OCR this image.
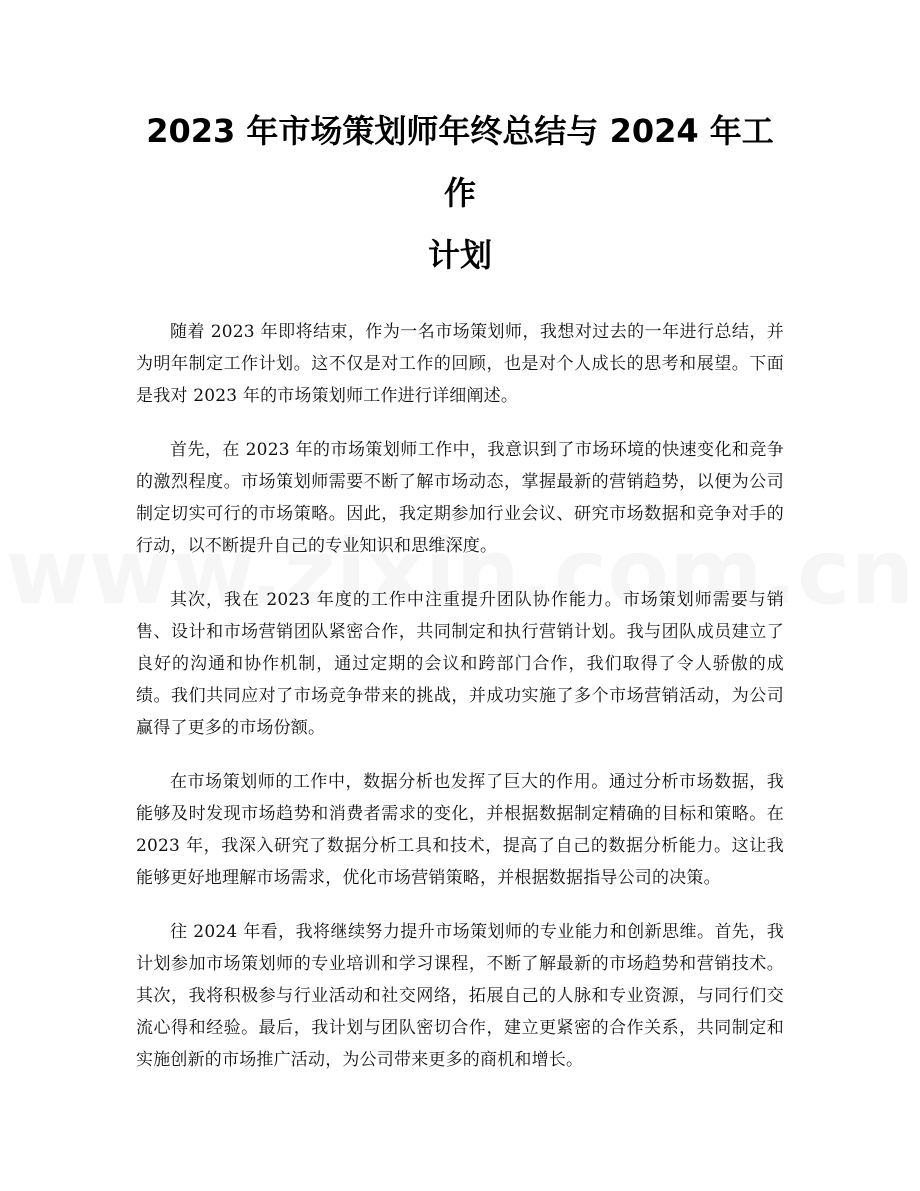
2023 年市场策划师年终总结与 2024 年工作
计划

随着 2023 年即将结束，作为一名市场策划师，我想对过去的一年进行总结，并为明年制定工作计划。这不仅是对工作的回顾，也是对个人成长的思考和展望。下面是我对 2023 年的市场策划师工作进行详细阐述。

首先，在 2023 年的市场策划师工作中，我意识到了市场环境的快速变化和竞争的激烈程度。市场策划师需要不断了解市场动态，掌握最新的营销趋势，以便为公司制定切实可行的市场策略。因此，我定期参加行业会议、研究市场数据和竞争对手的行动，以不断提升自己的专业知识和思维深度。

其次，我在 2023 年度的工作中注重提升团队协作能力。市场策划师需要与销售、设计和市场营销团队紧密合作，共同制定和执行营销计划。我与团队成员建立了良好的沟通和协作机制，通过定期的会议和跨部门合作，我们取得了令人骄傲的成绩。我们共同应对了市场竞争带来的挑战，并成功实施了多个市场营销活动，为公司赢得了更多的市场份额。

在市场策划师的工作中，数据分析也发挥了巨大的作用。通过分析市场数据，我能够及时发现市场趋势和消费者需求的变化，并根据数据制定精确的目标和策略。在 2023 年，我深入研究了数据分析工具和技术，提高了自己的数据分析能力。这让我能够更好地理解市场需求，优化市场营销策略，并根据数据指导公司的决策。

往 2024 年看，我将继续努力提升市场策划师的专业能力和创新思维。首先，我计划参加市场策划师的专业培训和学习课程，不断了解最新的市场趋势和营销技术。其次，我将积极参与行业活动和社交网络，拓展自己的人脉和专业资源，与同行们交流心得和经验。最后，我计划与团队密切合作，建立更紧密的合作关系，共同制定和实施创新的市场推广活动，为公司带来更多的商机和增长。
